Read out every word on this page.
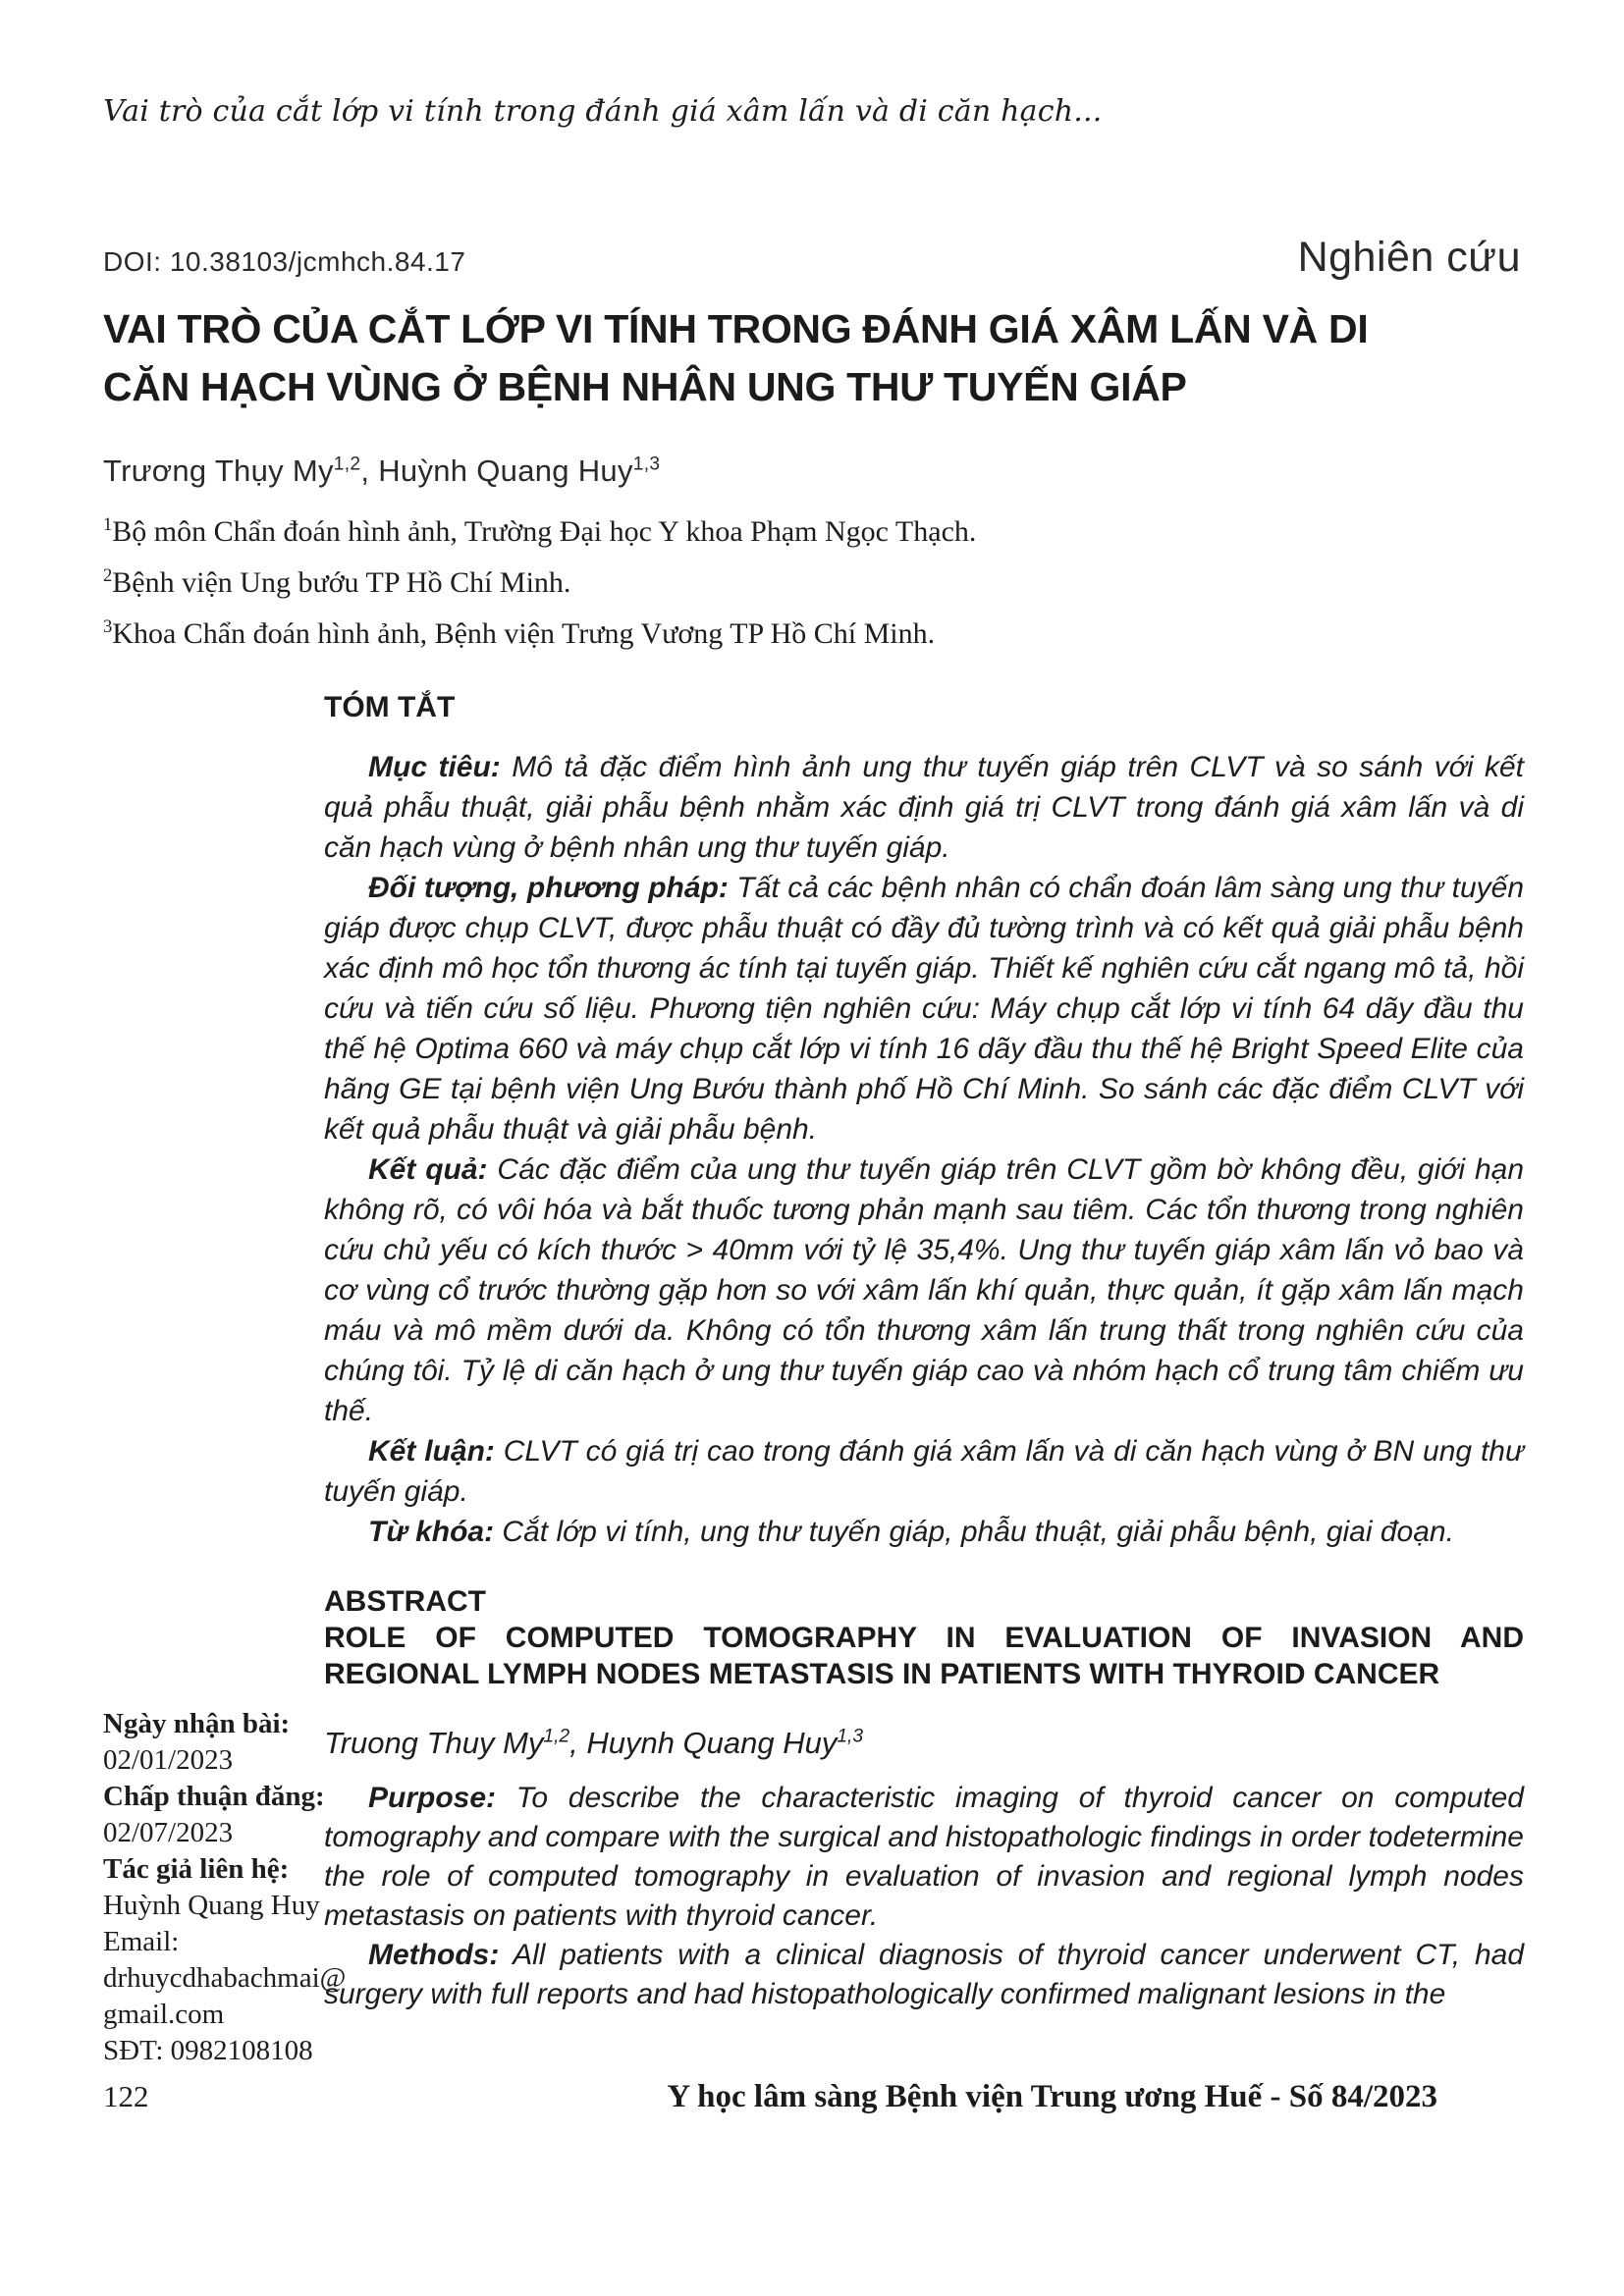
Vai trò của cắt lớp vi tính trong đánh giá xâm lấn và di căn hạch...
DOI: 10.38103/jcmhch.84.17	Nghiên cứu
VAI TRÒ CỦA CẮT LỚP VI TÍNH TRONG ĐÁNH GIÁ XÂM LẤN VÀ DI
CĂN HẠCH VÙNG Ở BỆNH NHÂN UNG THƯ TUYẾN GIÁP
Trương Thụy My$^{1,2}$, Huỳnh Quang Huy$^{1,3}$
$^1$Bộ môn Chẩn đoán hình ảnh, Trường Đại học Y khoa Phạm Ngọc Thạch.
$^2$Bệnh viện Ung bướu TP Hồ Chí Minh.
$^3$Khoa Chẩn đoán hình ảnh, Bệnh viện Trưng Vương TP Hồ Chí Minh.
TÓM TẮT

Mục tiêu: Mô tả đặc điểm hình ảnh ung thư tuyến giáp trên CLVT và so sánh với kết quả phẫu thuật, giải phẫu bệnh nhằm xác định giá trị CLVT trong đánh giá xâm lấn và di căn hạch vùng ở bệnh nhân ung thư tuyến giáp.

Đối tượng, phương pháp: Tất cả các bệnh nhân có chẩn đoán lâm sàng ung thư tuyến giáp được chụp CLVT, được phẫu thuật có đầy đủ tường trình và có kết quả giải phẫu bệnh xác định mô học tổn thương ác tính tại tuyến giáp. Thiết kế nghiên cứu cắt ngang mô tả, hồi cứu và tiến cứu số liệu. Phương tiện nghiên cứu: Máy chụp cắt lớp vi tính 64 dãy đầu thu thế hệ Optima 660 và máy chụp cắt lớp vi tính 16 dãy đầu thu thế hệ Bright Speed Elite của hãng GE tại bệnh viện Ung Bướu thành phố Hồ Chí Minh. So sánh các đặc điểm CLVT với kết quả phẫu thuật và giải phẫu bệnh.

Kết quả: Các đặc điểm của ung thư tuyến giáp trên CLVT gồm bờ không đều, giới hạn không rõ, có vôi hóa và bắt thuốc tương phản mạnh sau tiêm. Các tổn thương trong nghiên cứu chủ yếu có kích thước > 40mm với tỷ lệ 35,4%. Ung thư tuyến giáp xâm lấn vỏ bao và cơ vùng cổ trước thường gặp hơn so với xâm lấn khí quản, thực quản, ít gặp xâm lấn mạch máu và mô mềm dưới da. Không có tổn thương xâm lấn trung thất trong nghiên cứu của chúng tôi. Tỷ lệ di căn hạch ở ung thư tuyến giáp cao và nhóm hạch cổ trung tâm chiếm ưu thế.

Kết luận: CLVT có giá trị cao trong đánh giá xâm lấn và di căn hạch vùng ở BN ung thư tuyến giáp.

Từ khóa: Cắt lớp vi tính, ung thư tuyến giáp, phẫu thuật, giải phẫu bệnh, giai đoạn.

ABSTRACT
ROLE OF COMPUTED TOMOGRAPHY IN EVALUATION OF INVASION AND
REGIONAL LYMPH NODES METASTASIS IN PATIENTS WITH THYROID CANCER
Truong Thuy My$^{1,2}$, Huynh Quang Huy$^{1,3}$

Purpose: To describe the characteristic imaging of thyroid cancer on computed tomography and compare with the surgical and histopathologic findings in order todetermine the role of computed tomography in evaluation of invasion and regional lymph nodes metastasis on patients with thyroid cancer.

Methods: All patients with a clinical diagnosis of thyroid cancer underwent CT, had surgery with full reports and had histopathologically confirmed malignant lesions in the

Ngày nhận bài:
02/01/2023
Chấp thuận đăng:
02/07/2023
Tác giả liên hệ:
Huỳnh Quang Huy
Email: drhuycdhabachmai@
gmail.com
SĐT: 0982108108
122	Y học lâm sàng Bệnh viện Trung ương Huế - Số 84/2023
